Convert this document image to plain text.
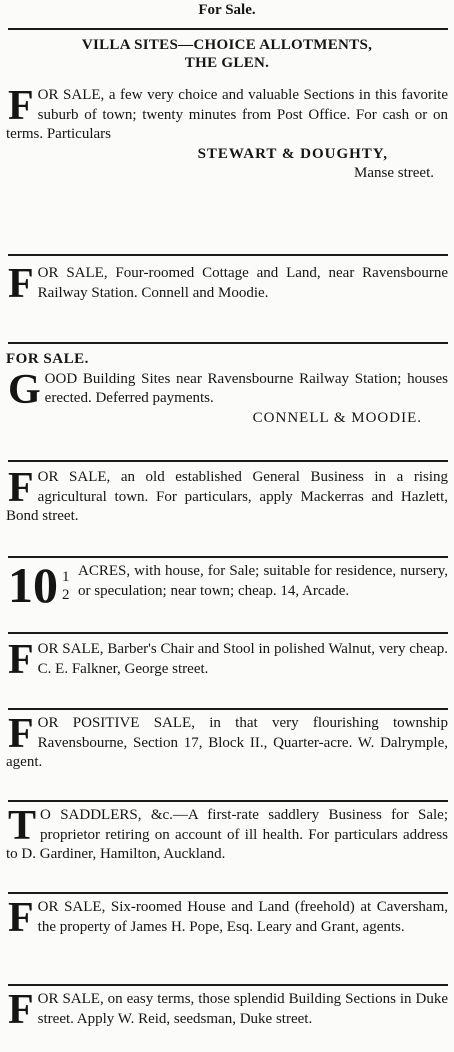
For Sale.

VILLA SITES—CHOICE ALLOTMENTS,

THE GLEN.

FOR SALE, a few very choice and valuable Sections in this favorite suburb of town; twenty minutes from Post Office. For cash or on terms. Particulars

STEWART & DOUGHTY,
Manse street.

FOR SALE, Four-roomed Cottage and Land, near Ravensbourne Railway Station. Connell and Moodie.

FOR SALE.

GOOD Building Sites near Ravensbourne Railway Station; houses erected. Deferred payments.

CONNELL & MOODIE.

FOR SALE, an old established General Business in a rising agricultural town. For particulars, apply Mackerras and Hazlett, Bond street.

10 1
2
ACRES, with house, for Sale; suitable for residence, nursery, or speculation; near town; cheap. 14, Arcade.

FOR SALE, Barber's Chair and Stool in polished Walnut, very cheap. C. E. Falkner, George street.

FOR POSITIVE SALE, in that very flourishing township Ravensbourne, Section 17, Block II., Quarter-acre. W. Dalrymple, agent.

T O SADDLERS, &c.—A first-rate saddlery Business for Sale; proprietor retiring on account of ill health. For particulars address to D. Gardiner, Hamilton, Auckland.

FOR SALE, Six-roomed House and Land (freehold) at Caversham, the property of James H. Pope, Esq. Leary and Grant, agents.

FOR SALE, on easy terms, those splendid Building Sections in Duke street. Apply W. Reid, seedsman, Duke street.
